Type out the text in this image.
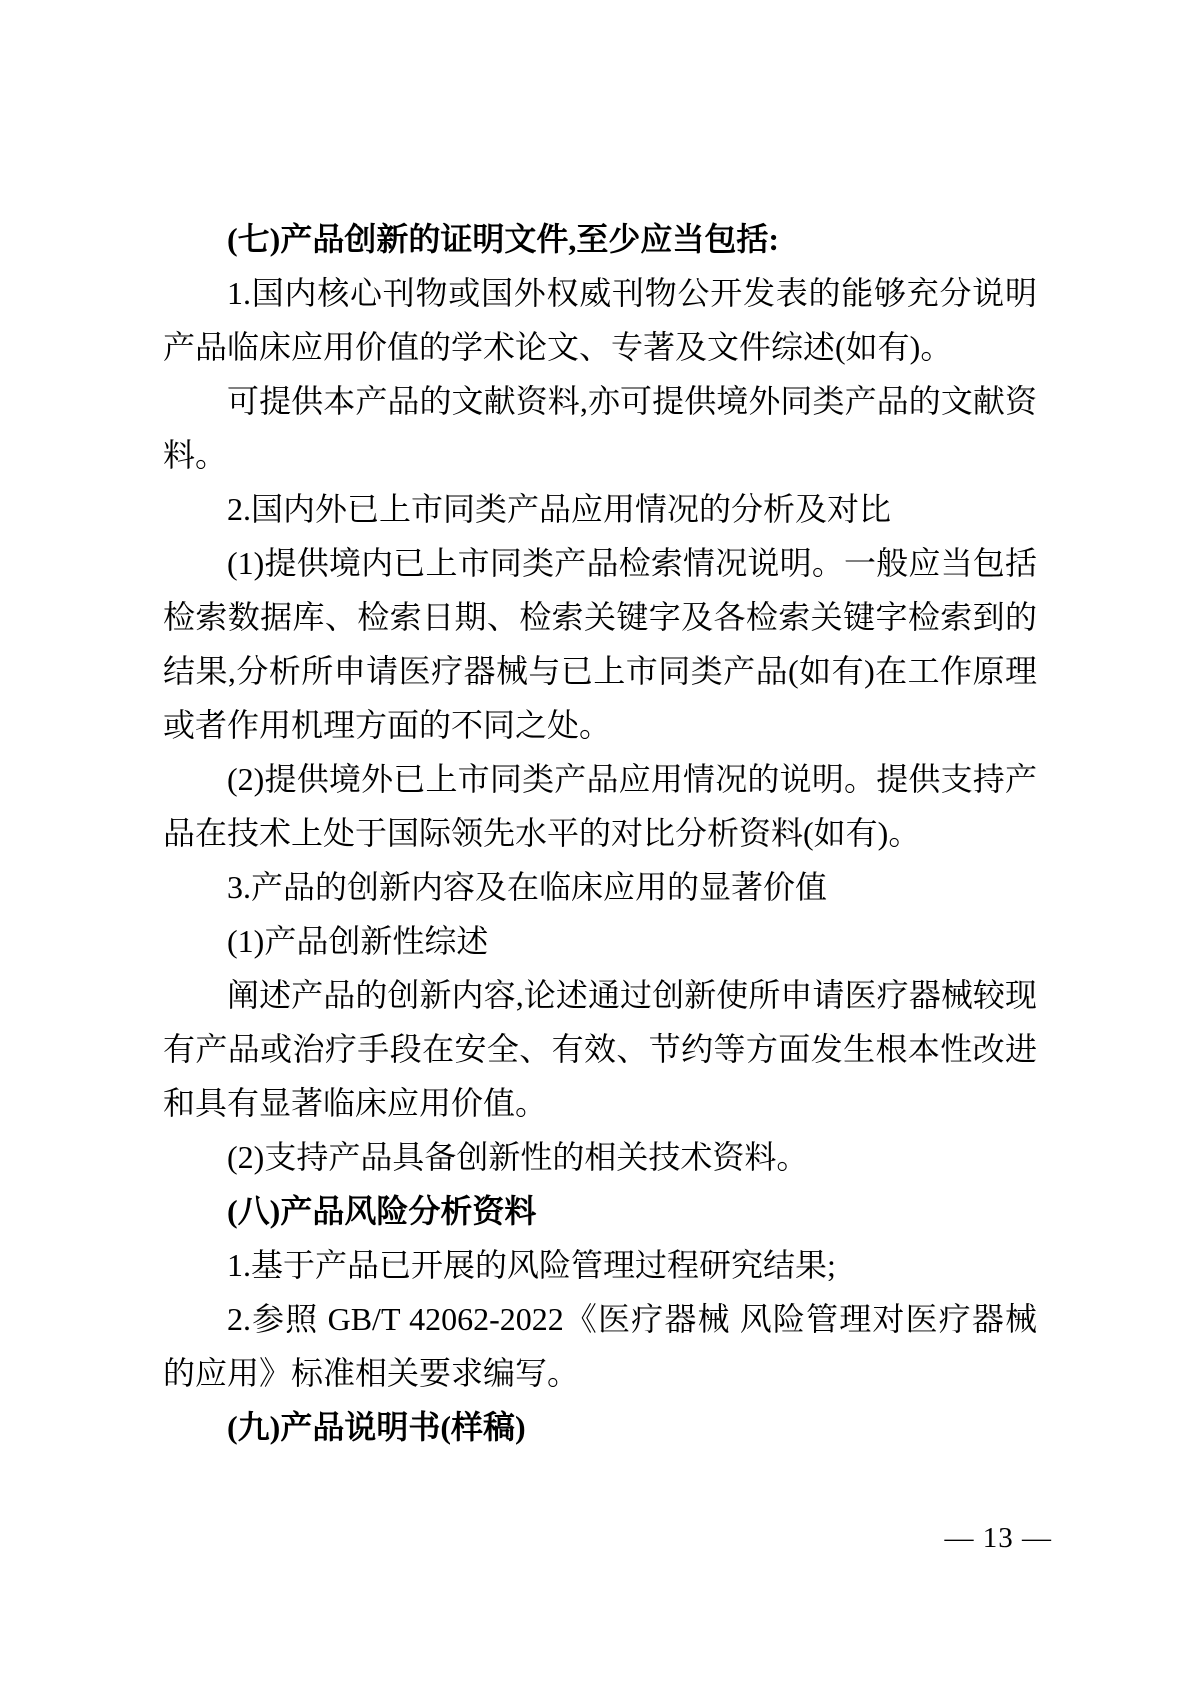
(七)产品创新的证明文件,至少应当包括:

1.国内核心刊物或国外权威刊物公开发表的能够充分说明产品临床应用价值的学术论文、专著及文件综述(如有)。

可提供本产品的文献资料,亦可提供境外同类产品的文献资料。

2.国内外已上市同类产品应用情况的分析及对比

(1)提供境内已上市同类产品检索情况说明。一般应当包括检索数据库、检索日期、检索关键字及各检索关键字检索到的结果,分析所申请医疗器械与已上市同类产品(如有)在工作原理或者作用机理方面的不同之处。

(2)提供境外已上市同类产品应用情况的说明。提供支持产品在技术上处于国际领先水平的对比分析资料(如有)。

3.产品的创新内容及在临床应用的显著价值

(1)产品创新性综述

阐述产品的创新内容,论述通过创新使所申请医疗器械较现有产品或治疗手段在安全、有效、节约等方面发生根本性改进和具有显著临床应用价值。

(2)支持产品具备创新性的相关技术资料。

(八)产品风险分析资料

1.基于产品已开展的风险管理过程研究结果;

2.参照 GB/T 42062-2022《医疗器械 风险管理对医疗器械的应用》标准相关要求编写。

(九)产品说明书(样稿)

— 13 —
